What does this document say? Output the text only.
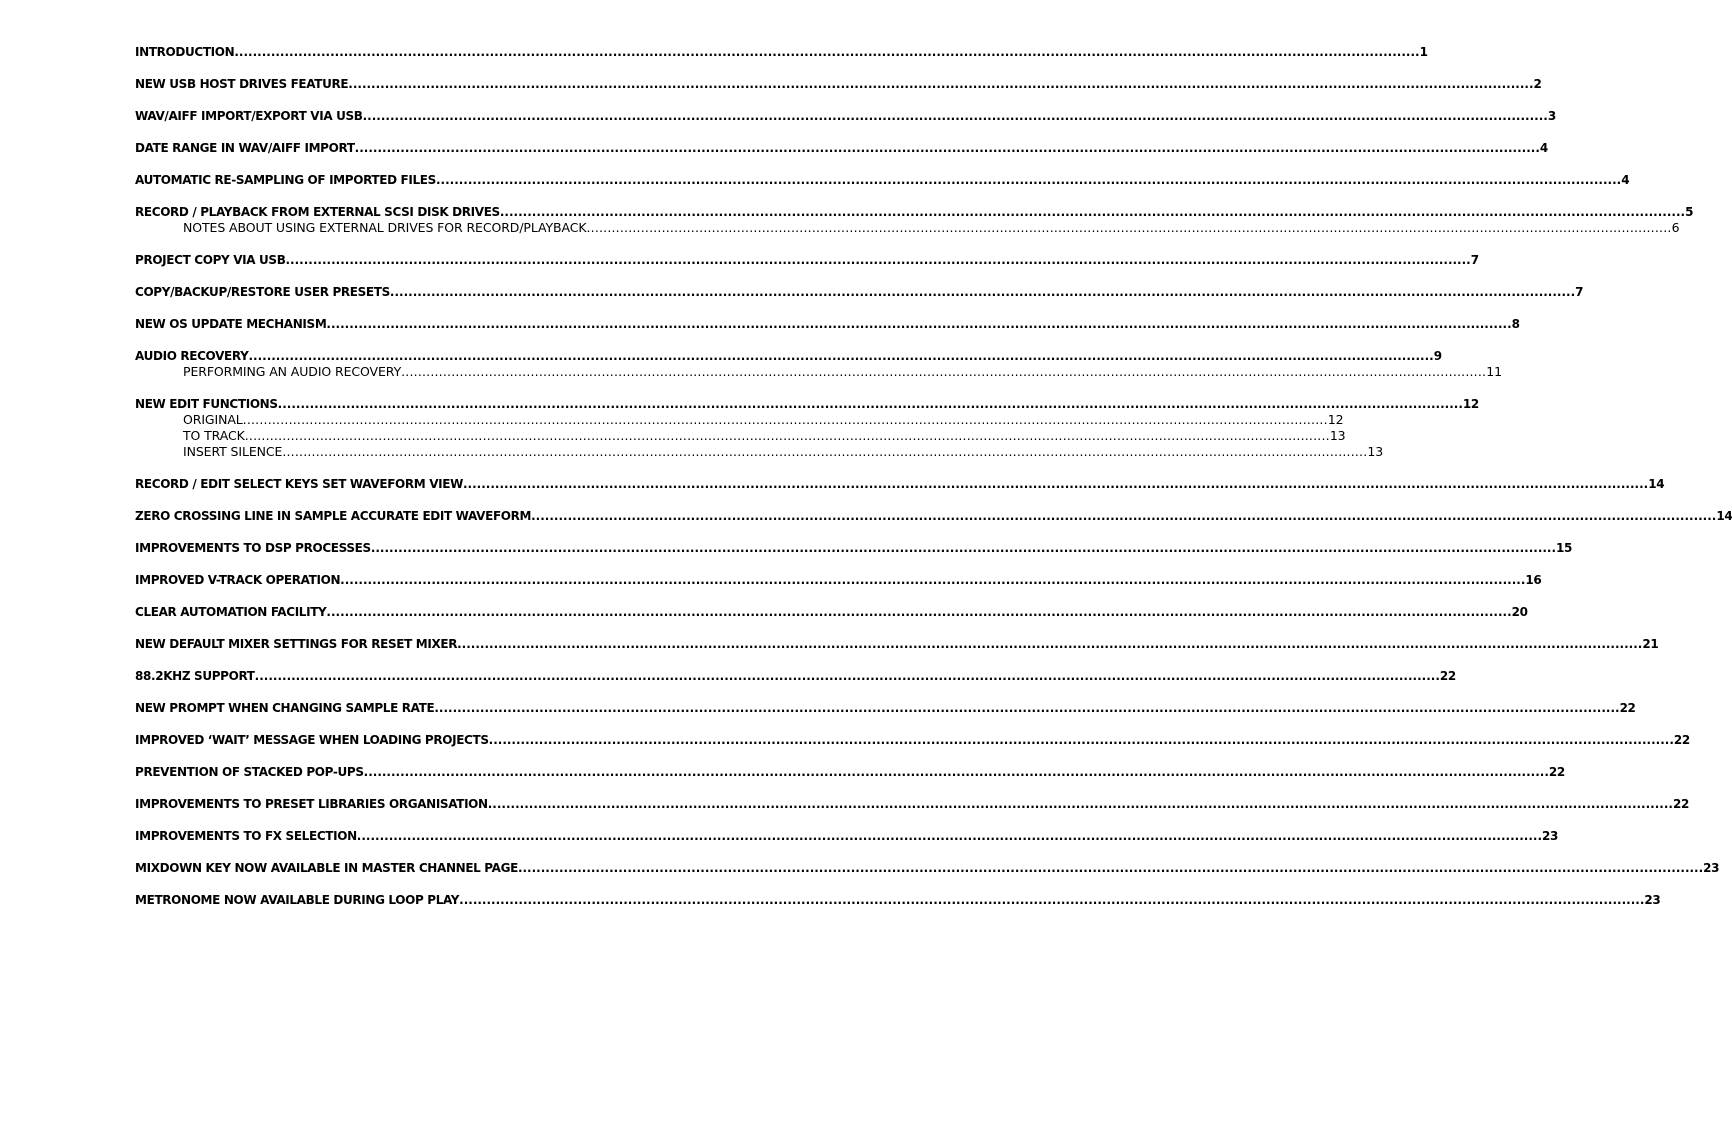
INTRODUCTION .................................................................................................................................................................................................................................................................... 1
NEW USB HOST DRIVES FEATURE .................................................................................................................................................................................................................................................................... 2
WAV/AIFF IMPORT/EXPORT VIA USB .................................................................................................................................................................................................................................................................... 3
DATE RANGE IN WAV/AIFF IMPORT .................................................................................................................................................................................................................................................................... 4
AUTOMATIC RE-SAMPLING OF IMPORTED FILES .................................................................................................................................................................................................................................................................... 4
RECORD / PLAYBACK FROM EXTERNAL SCSI DISK DRIVES .................................................................................................................................................................................................................................................................... 5
NOTES ABOUT USING EXTERNAL DRIVES FOR RECORD/PLAYBACK .................................................................................................................................................................................................................................................................... 6
PROJECT COPY VIA USB .................................................................................................................................................................................................................................................................... 7
COPY/BACKUP/RESTORE USER PRESETS .................................................................................................................................................................................................................................................................... 7
NEW OS UPDATE MECHANISM .................................................................................................................................................................................................................................................................... 8
AUDIO RECOVERY .................................................................................................................................................................................................................................................................... 9
PERFORMING AN AUDIO RECOVERY .................................................................................................................................................................................................................................................................... 11
NEW EDIT FUNCTIONS .................................................................................................................................................................................................................................................................... 12
ORIGINAL .................................................................................................................................................................................................................................................................... 12
TO TRACK .................................................................................................................................................................................................................................................................... 13
INSERT SILENCE .................................................................................................................................................................................................................................................................... 13
RECORD / EDIT SELECT KEYS SET WAVEFORM VIEW .................................................................................................................................................................................................................................................................... 14
ZERO CROSSING LINE IN SAMPLE ACCURATE EDIT WAVEFORM .................................................................................................................................................................................................................................................................... 14
IMPROVEMENTS TO DSP PROCESSES .................................................................................................................................................................................................................................................................... 15
IMPROVED V-TRACK OPERATION .................................................................................................................................................................................................................................................................... 16
CLEAR AUTOMATION FACILITY .................................................................................................................................................................................................................................................................... 20
NEW DEFAULT MIXER SETTINGS FOR RESET MIXER .................................................................................................................................................................................................................................................................... 21
88.2KHZ SUPPORT .................................................................................................................................................................................................................................................................... 22
NEW PROMPT WHEN CHANGING SAMPLE RATE .................................................................................................................................................................................................................................................................... 22
IMPROVED ‘WAIT’ MESSAGE WHEN LOADING PROJECTS .................................................................................................................................................................................................................................................................... 22
PREVENTION OF STACKED POP-UPS .................................................................................................................................................................................................................................................................... 22
IMPROVEMENTS TO PRESET LIBRARIES ORGANISATION .................................................................................................................................................................................................................................................................... 22
IMPROVEMENTS TO FX SELECTION .................................................................................................................................................................................................................................................................... 23
MIXDOWN KEY NOW AVAILABLE IN MASTER CHANNEL PAGE .................................................................................................................................................................................................................................................................... 23
METRONOME NOW AVAILABLE DURING LOOP PLAY .................................................................................................................................................................................................................................................................... 23
